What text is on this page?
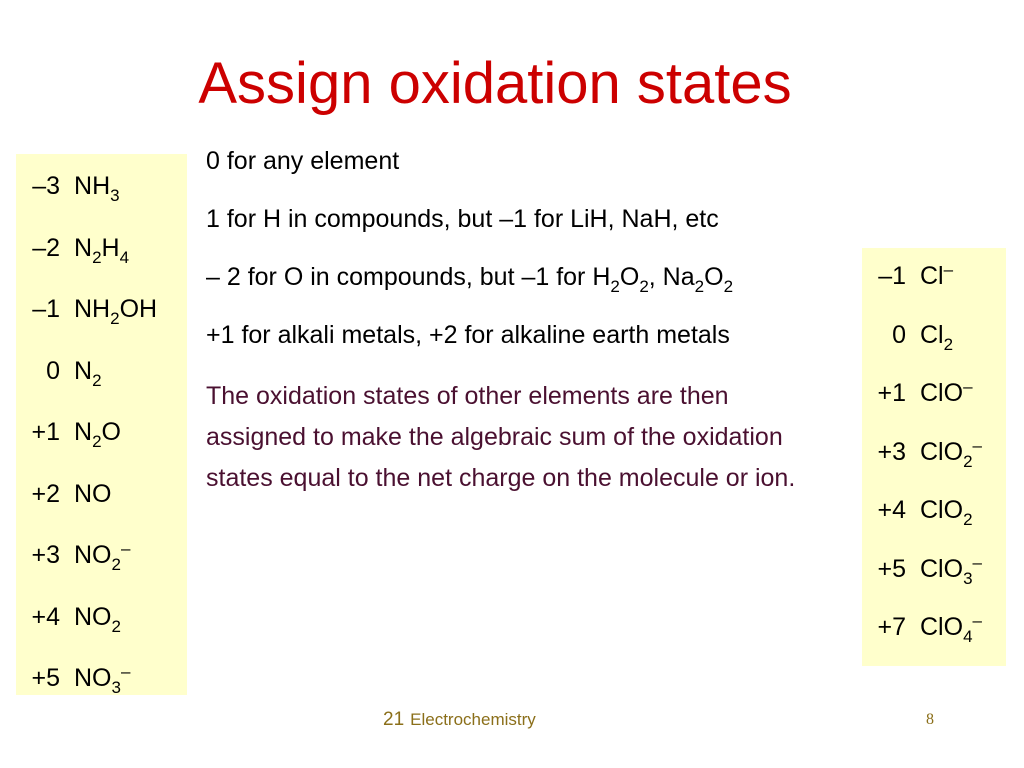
Assign oxidation states
0 for any element
1 for H in compounds, but –1 for LiH, NaH, etc
– 2 for O in compounds, but –1 for $H_2O_2$, $Na_2O_2$
+1 for alkali metals, +2 for alkaline earth metals
The oxidation states of other elements are then assigned to make the algebraic sum of the oxidation states equal to the net charge on the molecule or ion.
–3 $NH_3$
–2 $N_2H_4$
–1 $NH_2OH$
0 $N_2$
+1 $N_2O$
+2 NO
+3 $NO_2^-$
+4 $NO_2$
+5 $NO_3^-$
–1 Cl–
0 $Cl_2$
+1 ClO–
+3 ClO$_2$–
+4 ClO$_2$
+5 ClO$_3$–
+7 ClO$_4$–
21 Electrochemistry	8
